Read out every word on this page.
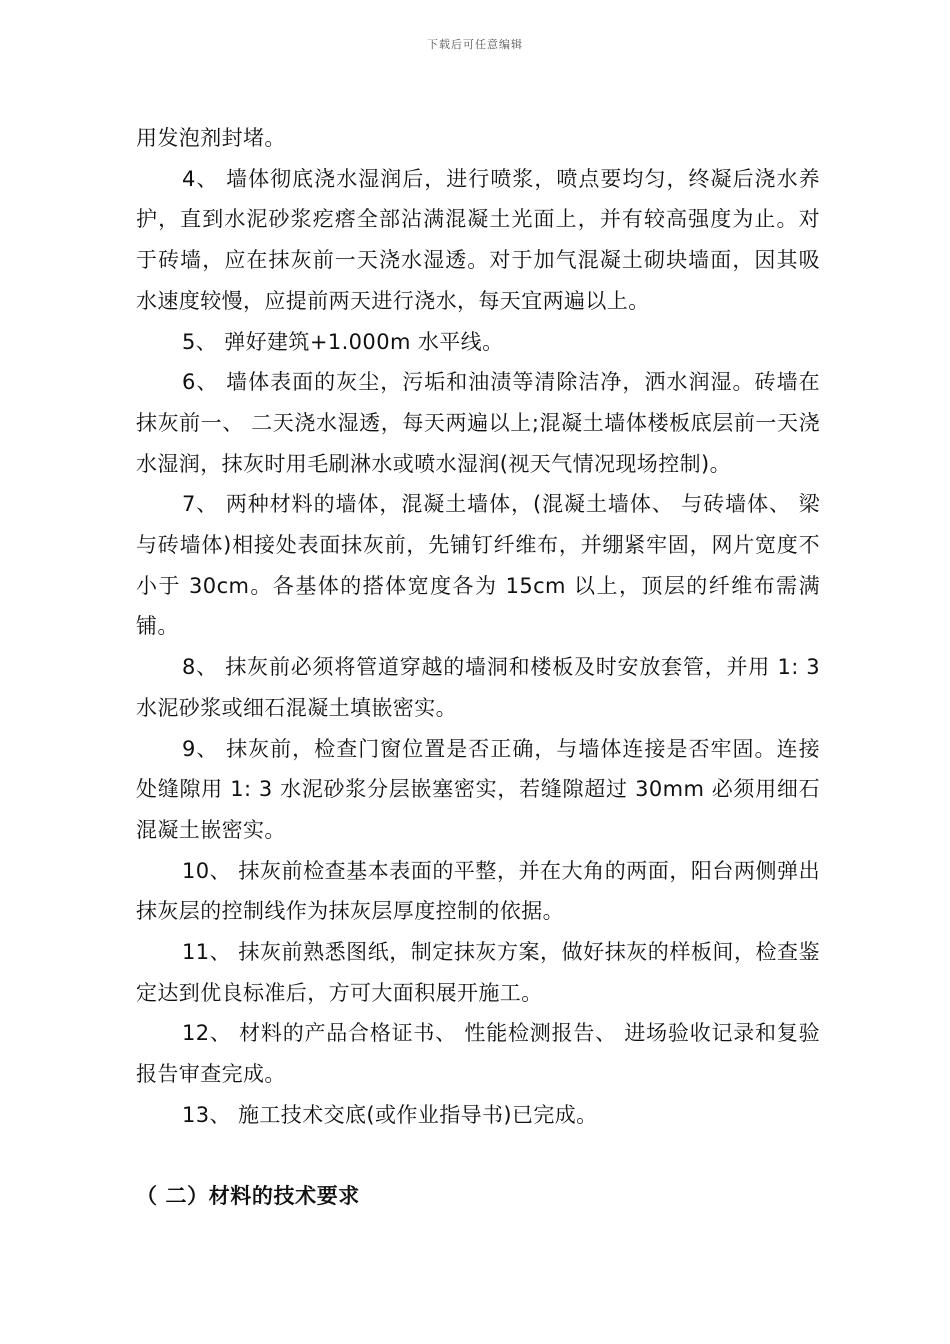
下载后可任意编辑

用发泡剂封堵。

4、 墙体彻底浇水湿润后，进行喷浆，喷点要均匀，终凝后浇水养护，直到水泥砂浆疙瘩全部沾满混凝土光面上，并有较高强度为止。对于砖墙，应在抹灰前一天浇水湿透。对于加气混凝土砌块墙面，因其吸水速度较慢，应提前两天进行浇水，每天宜两遍以上。

5、 弹好建筑+1.000m 水平线。

6、 墙体表面的灰尘，污垢和油渍等清除洁净，洒水润湿。砖墙在抹灰前一、 二天浇水湿透，每天两遍以上;混凝土墙体楼板底层前一天浇水湿润，抹灰时用毛刷淋水或喷水湿润(视天气情况现场控制)。

7、 两种材料的墙体，混凝土墙体，(混凝土墙体、 与砖墙体、 梁与砖墙体)相接处表面抹灰前，先铺钉纤维布，并绷紧牢固，网片宽度不小于 30cm。各基体的搭体宽度各为 15cm 以上，顶层的纤维布需满铺。

8、 抹灰前必须将管道穿越的墙洞和楼板及时安放套管，并用 1: 3 水泥砂浆或细石混凝土填嵌密实。

9、 抹灰前，检查门窗位置是否正确，与墙体连接是否牢固。连接处缝隙用 1: 3 水泥砂浆分层嵌塞密实，若缝隙超过 30mm 必须用细石混凝土嵌密实。

10、 抹灰前检查基本表面的平整，并在大角的两面，阳台两侧弹出抹灰层的控制线作为抹灰层厚度控制的依据。

11、 抹灰前熟悉图纸，制定抹灰方案，做好抹灰的样板间，检查鉴定达到优良标准后，方可大面积展开施工。

12、 材料的产品合格证书、 性能检测报告、 进场验收记录和复验报告审查完成。

13、 施工技术交底(或作业指导书)已完成。

（ 二）材料的技术要求
